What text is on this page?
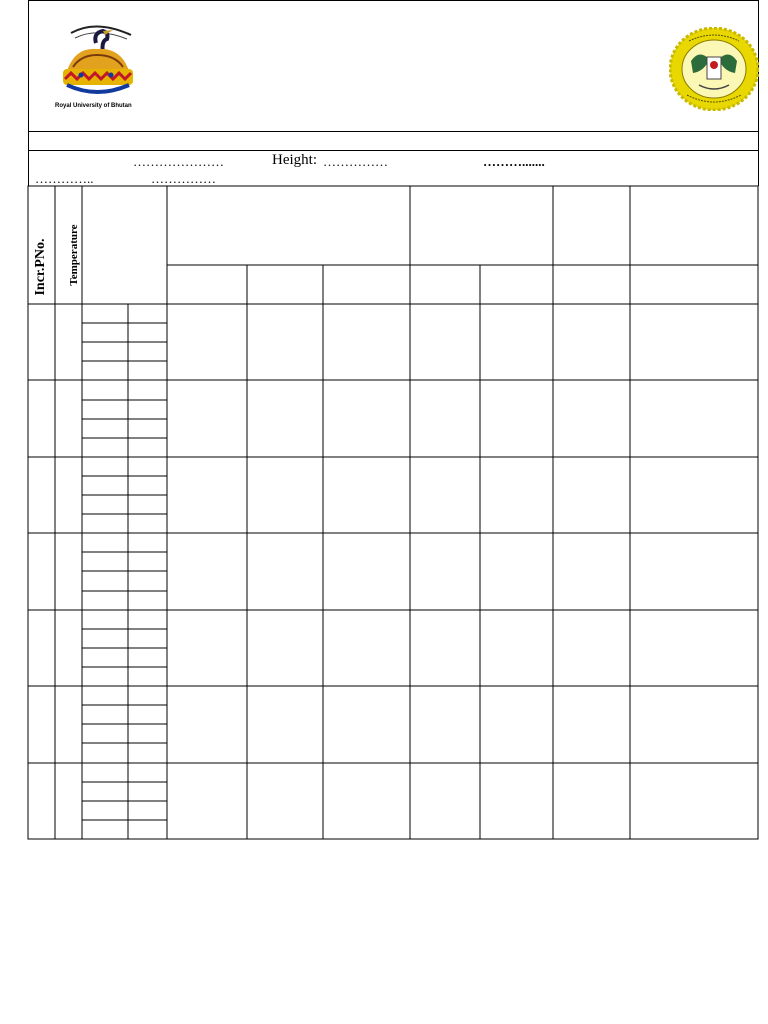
Royal University of Bhutan
…………………	Height: ……………	……….......
…………..	……………
Incr.PNo. Temperature
